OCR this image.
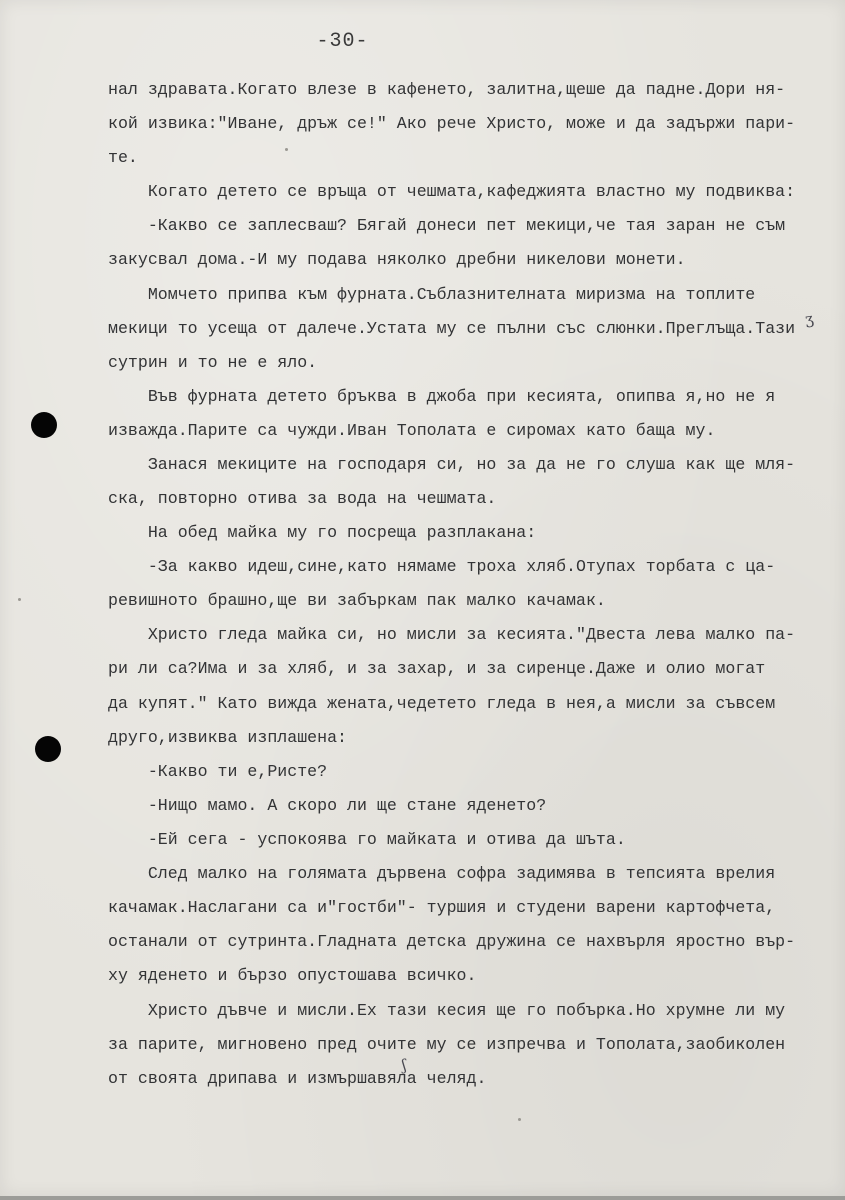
-30-
нал здравата.Когато влезе в кафенето, залитна,щеше да падне.Дори ня-
кой извика:"Иване, дръж се!" Ако рече Христо, може и да задържи пари-
те.
Когато детето се връща от чешмата,кафеджията властно му подвиква:
-Какво се заплесваш? Бягай донеси пет мекици,че тая заран не съм
закусвал дома.-И му подава няколко дребни никелови монети.
Момчето припва към фурната.Съблазнителната миризма на топлите
мекици то усеща от далече.Устата му се пълни със слюнки.Преглъща.Тази
сутрин и то не е яло.
Във фурната детето бръква в джоба при кесията, опипва я,но не я
изважда.Парите са чужди.Иван Тополата е сиромах като баща му.
Занася мекиците на господаря си, но за да не го слуша как ще мля-
ска, повторно отива за вода на чешмата.
На обед майка му го посреща разплакана:
-За какво идеш,сине,като нямаме троха хляб.Отупах торбата с ца-
ревишното брашно,ще ви забъркам пак малко качамак.
Христо гледа майка си, но мисли за кесията."Двеста лева малко па-
ри ли са?Има и за хляб, и за захар, и за сиренце.Даже и олио могат
да купят." Като вижда жената,чедетето гледа в нея,а мисли за съвсем
друго,извиква изплашена:
-Какво ти е,Ристе?
-Нищо мамо. А скоро ли ще стане яденето?
-Ей сега - успокоява го майката и отива да шъта.
След малко на голямата дървена софра задимява в тепсията врелия
качамак.Наслагани са и"гостби"- туршия и студени варени картофчета,
останали от сутринта.Гладната детска дружина се нахвърля яростно вър-
ху яденето и бързо опустошава всичко.
Христо дъвче и мисли.Ех тази кесия ще го побърка.Но хрумне ли му
за парите, мигновено пред очите му се изпречва и Тополата,заобиколен
от своята дрипава и измършавяла челяд.
ʒ
ʃ
